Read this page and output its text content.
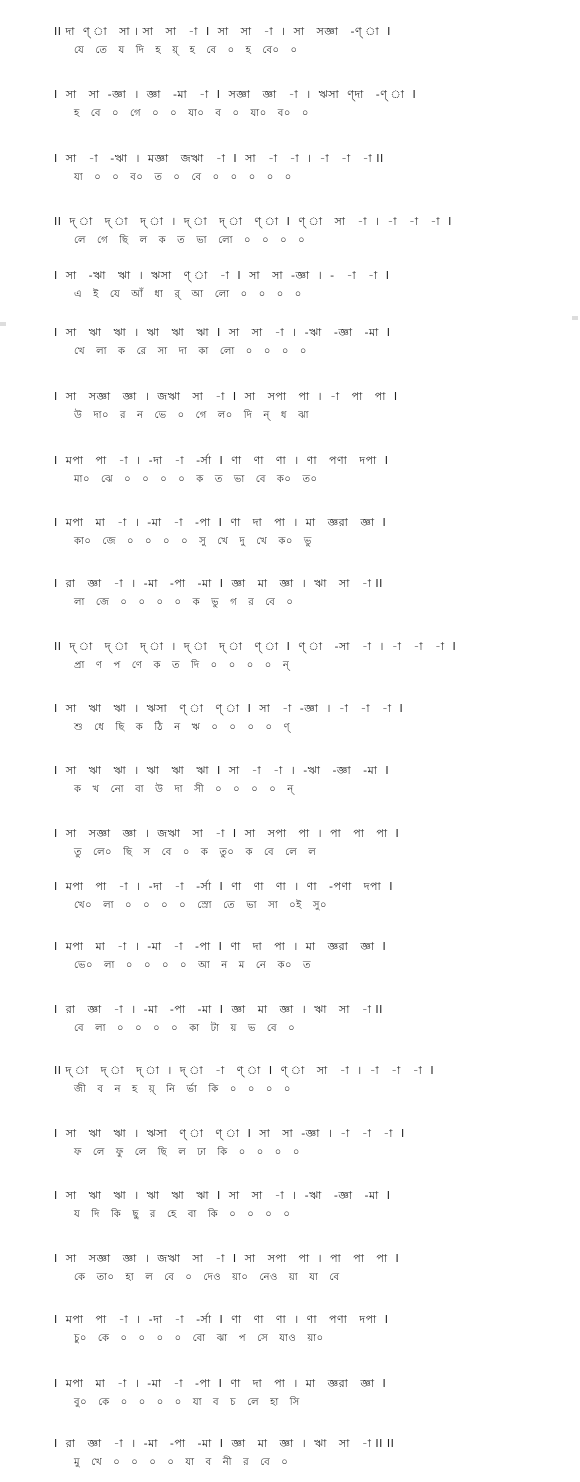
II দা  ণ্ া   সা । সা   সা   -া  I  সা   সা   -া  ।  সা   সজ্ঞা   -ণ্ া  I
যে   তে   য   দি   হ   য়্   হ   বে   ০   হ   বে০   ০
I  সা   সা  -জ্ঞা  ।  জ্ঞা   -মা   -া  I  সজ্ঞা   জ্ঞা   -া  ।  ঋসা  ণ্দা   -ণ্ া  I
হ   বে   ০   গে   ০   ০   যা০   ব   ০   যা০   ব০   ০
I  সা   -া   -ঋা  ।  মজ্ঞা   জঋা   -া  I  সা   -া   -া  ।  -া   -া   -া II
যা   ০   ০   ব০   ত   ০   বে   ০   ০   ০   ০   ০
II  দ্ া   দ্ া   দ্ া  ।  দ্ া   দ্ া   ণ্ া  I  ণ্ া   সা   -া  ।  -া   -া   -া  I
লে   গে   ছি   ল   ক   ত   ভা   লো   ০   ০   ০   ০
I  সা   -ঋা   ঋা  ।  ঋসা   ণ্ া   -া  I  সা   সা  -জ্ঞা  ।  -   -া   -া  I
এ   ই   যে   আঁ   ধা   র্   আ   লো   ০   ০   ০   ০
I  সা   ঋা   ঋা  ।  ঋা   ঋা   ঋা  I  সা   সা   -া  ।  -ঋা   -জ্ঞা   -মা  I
খে   লা   ক   রে   সা   দা   কা   লো   ০   ০   ০   ০
I  সা   সজ্ঞা   জ্ঞা  ।  জঋা   সা   -া  I  সা   সপা   পা  ।  -া   পা   পা  I
উ   দা০   র   ন   ভে   ০   গে   ল০   দি   ন্   ধ   ঝা
I  মপা   পা   -া  ।  -দা   -া   -র্সা  I  ণা   ণা   ণা  ।  ণা   পণা   দপা  I
মা০   ঝে   ০   ০   ০   ০   ক   ত   ভা   বে   ক০   ত০
I  মপা   মা   -া  ।  -মা   -া   -পা  I  ণা   দা   পা  ।  মা   জ্ঞরা   জ্ঞা  I
কা০   জে   ০   ০   ০   ০   সু   খে   দু   খে   ক০   ভু
I  রা   জ্ঞা   -া  ।  -মা   -পা   -মা  I  জ্ঞা   মা   জ্ঞা  ।  ঋা   সা   -া II
লা   জে   ০   ০   ০   ০   ক   ভু   গ   র   বে   ০
II  দ্ া   দ্ া   দ্ া  ।  দ্ া   দ্ া   ণ্ া  I  ণ্ া   -সা   -া  ।  -া   -া   -া  I
প্রা   ণ   প   ণে   ক   ত   দি   ০   ০   ০   ০   ন্
I  সা   ঋা   ঋা  ।  ঋসা   ণ্ া   ণ্ া  I  সা   -া  -জ্ঞা  ।  -া   -া   -া  I
শু   ধে   ছি   ক   ঠি   ন   ঋ   ০   ০   ০   ০   ণ্
I  সা   ঋা   ঋা  ।  ঋা   ঋা   ঋা  I  সা   -া   -া  ।  -ঋা   -জ্ঞা   -মা  I
ক   খ   নো   বা   উ   দা   সী   ০   ০   ০   ০   ন্
I  সা   সজ্ঞা   জ্ঞা  ।  জঋা   সা   -া  I  সা   সপা   পা  ।  পা   পা   পা  I
তু   লে০   ছি   স   বে   ০   ক   তু০   ক   বে   লে   ল
I  মপা   পা   -া  ।  -দা   -া   -র্সা  I  ণা   ণা   ণা  ।  ণা   -পণা   দপা  I
খে০   লা   ০   ০   ০   ০   স্রো   তে   ভা   সা   ০ই   সু০
I  মপা   মা   -া  ।  -মা   -া   -পা  I  ণা   দা   পা  ।  মা   জ্ঞরা   জ্ঞা  I
ভে০   লা   ০   ০   ০   ০   আ   ন   ম   নে   ক০   ত
I  রা   জ্ঞা   -া  ।  -মা   -পা   -মা  I  জ্ঞা   মা   জ্ঞা  ।  ঋা   সা   -া II
বে   লা   ০   ০   ০   ০   কা   টা   য়   ভ   বে   ০
II দ্ া   দ্ া   দ্ া  ।  দ্ া   -া   ণ্ া  I  ণ্ া   সা   -া  ।  -া   -া   -া  I
জী   ব   ন   হ   য়্   নি   র্ভা   কি   ০   ০   ০   ০
I  সা   ঋা   ঋা  ।  ঋসা   ণ্ া   ণ্ া  I  সা   সা  -জ্ঞা  ।  -া   -া   -া  I
ফ   লে   ফু   লে   ছি   ল   ঢা   কি   ০   ০   ০   ০
I  সা   ঋা   ঋা  ।  ঋা   ঋা   ঋা  I  সা   সা   -া  ।  -ঋা   -জ্ঞা   -মা  I
য   দি   কি   ছু   র   হে   বা   কি   ০   ০   ০   ০
I  সা   সজ্ঞা   জ্ঞা  ।  জঋা   সা   -া  I  সা   সপা   পা  ।  পা   পা   পা  I
কে   তা০   হা   ল   বে   ০   দেও   য়া০   নেও   য়া   যা   বে
I  মপা   পা   -া  ।  -দা   -া   -র্সা  I  ণা   ণা   ণা  ।  ণা   পণা   দপা  I
চু০   কে   ০   ০   ০   ০   বো   ঝা   প   সে   যাও   য়া০
I  মপা   মা   -া  ।  -মা   -া   -পা  I  ণা   দা   পা  ।  মা   জ্ঞরা   জ্ঞা  I
বু০   কে   ০   ০   ০   ০   যা   ব   চ   লে   হা   সি
I  রা   জ্ঞা   -া  ।  -মা   -পা   -মা  I  জ্ঞা   মা   জ্ঞা  ।  ঋা   সা   -া II II
মু   খে   ০   ০   ০   ০   যা   ব   নী   র   বে   ০
